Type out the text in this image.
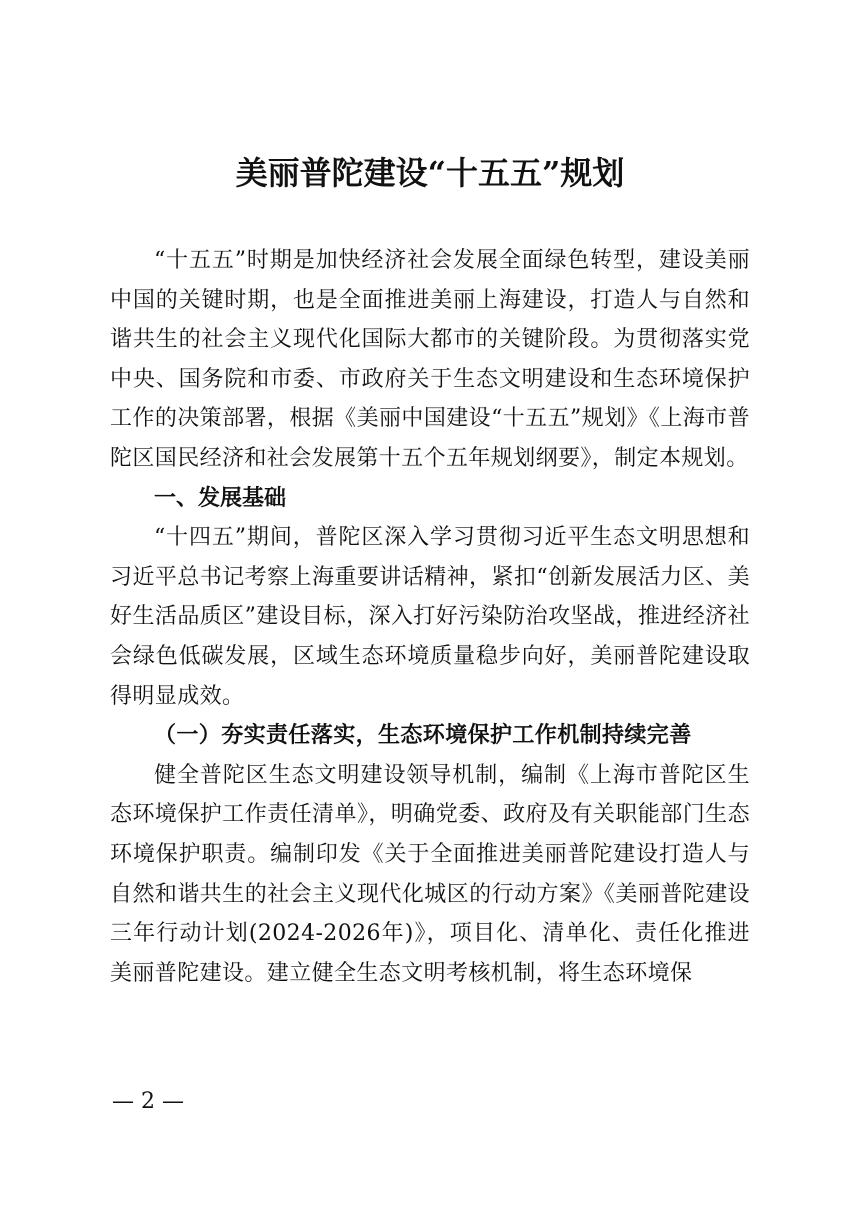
美丽普陀建设“十五五”规划

“十五五”时期是加快经济社会发展全面绿色转型，建设美丽中国的关键时期，也是全面推进美丽上海建设，打造人与自然和谐共生的社会主义现代化国际大都市的关键阶段。为贯彻落实党中央、国务院和市委、市政府关于生态文明建设和生态环境保护工作的决策部署，根据《美丽中国建设“十五五”规划》《上海市普陀区国民经济和社会发展第十五个五年规划纲要》，制定本规划。

一、发展基础

“十四五”期间，普陀区深入学习贯彻习近平生态文明思想和习近平总书记考察上海重要讲话精神，紧扣“创新发展活力区、美好生活品质区”建设目标，深入打好污染防治攻坚战，推进经济社会绿色低碳发展，区域生态环境质量稳步向好，美丽普陀建设取得明显成效。

（一）夯实责任落实，生态环境保护工作机制持续完善

健全普陀区生态文明建设领导机制，编制《上海市普陀区生态环境保护工作责任清单》，明确党委、政府及有关职能部门生态环境保护职责。编制印发《关于全面推进美丽普陀建设打造人与自然和谐共生的社会主义现代化城区的行动方案》《美丽普陀建设三年行动计划(2024-2026年)》，项目化、清单化、责任化推进美丽普陀建设。建立健全生态文明考核机制，将生态环境保

— 2 —
